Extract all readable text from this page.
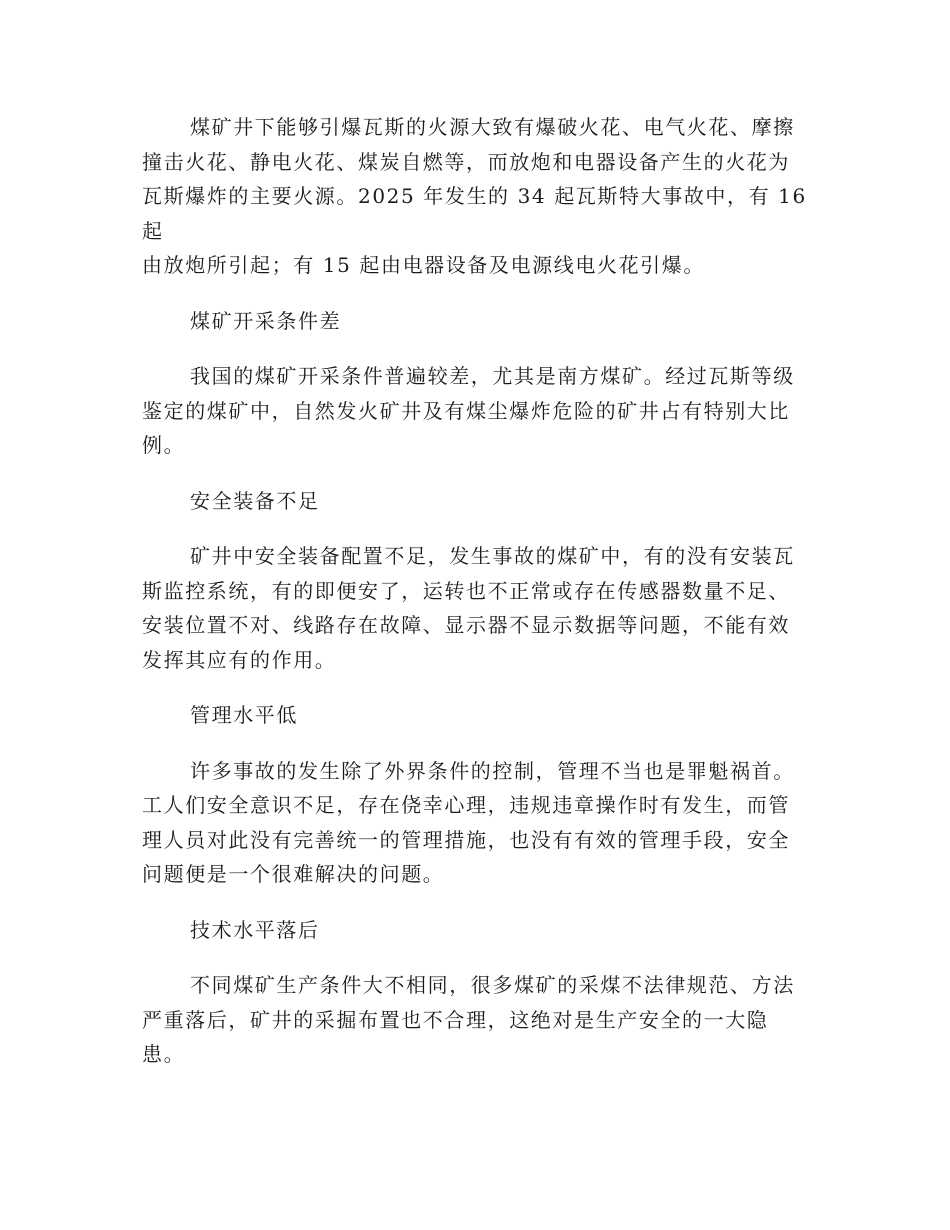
煤矿井下能够引爆瓦斯的火源大致有爆破火花、电气火花、摩擦
撞击火花、静电火花、煤炭自燃等，而放炮和电器设备产生的火花为
瓦斯爆炸的主要火源。2025 年发生的 34 起瓦斯特大事故中，有 16 起
由放炮所引起；有 15 起由电器设备及电源线电火花引爆。

煤矿开采条件差

我国的煤矿开采条件普遍较差，尤其是南方煤矿。经过瓦斯等级
鉴定的煤矿中，自然发火矿井及有煤尘爆炸危险的矿井占有特别大比
例。

安全装备不足

矿井中安全装备配置不足，发生事故的煤矿中，有的没有安装瓦
斯监控系统，有的即便安了，运转也不正常或存在传感器数量不足、
安装位置不对、线路存在故障、显示器不显示数据等问题，不能有效
发挥其应有的作用。

管理水平低

许多事故的发生除了外界条件的控制，管理不当也是罪魁祸首。
工人们安全意识不足，存在侥幸心理，违规违章操作时有发生，而管
理人员对此没有完善统一的管理措施，也没有有效的管理手段，安全
问题便是一个很难解决的问题。

技术水平落后

不同煤矿生产条件大不相同，很多煤矿的采煤不法律规范、方法
严重落后，矿井的采掘布置也不合理，这绝对是生产安全的一大隐
患。
